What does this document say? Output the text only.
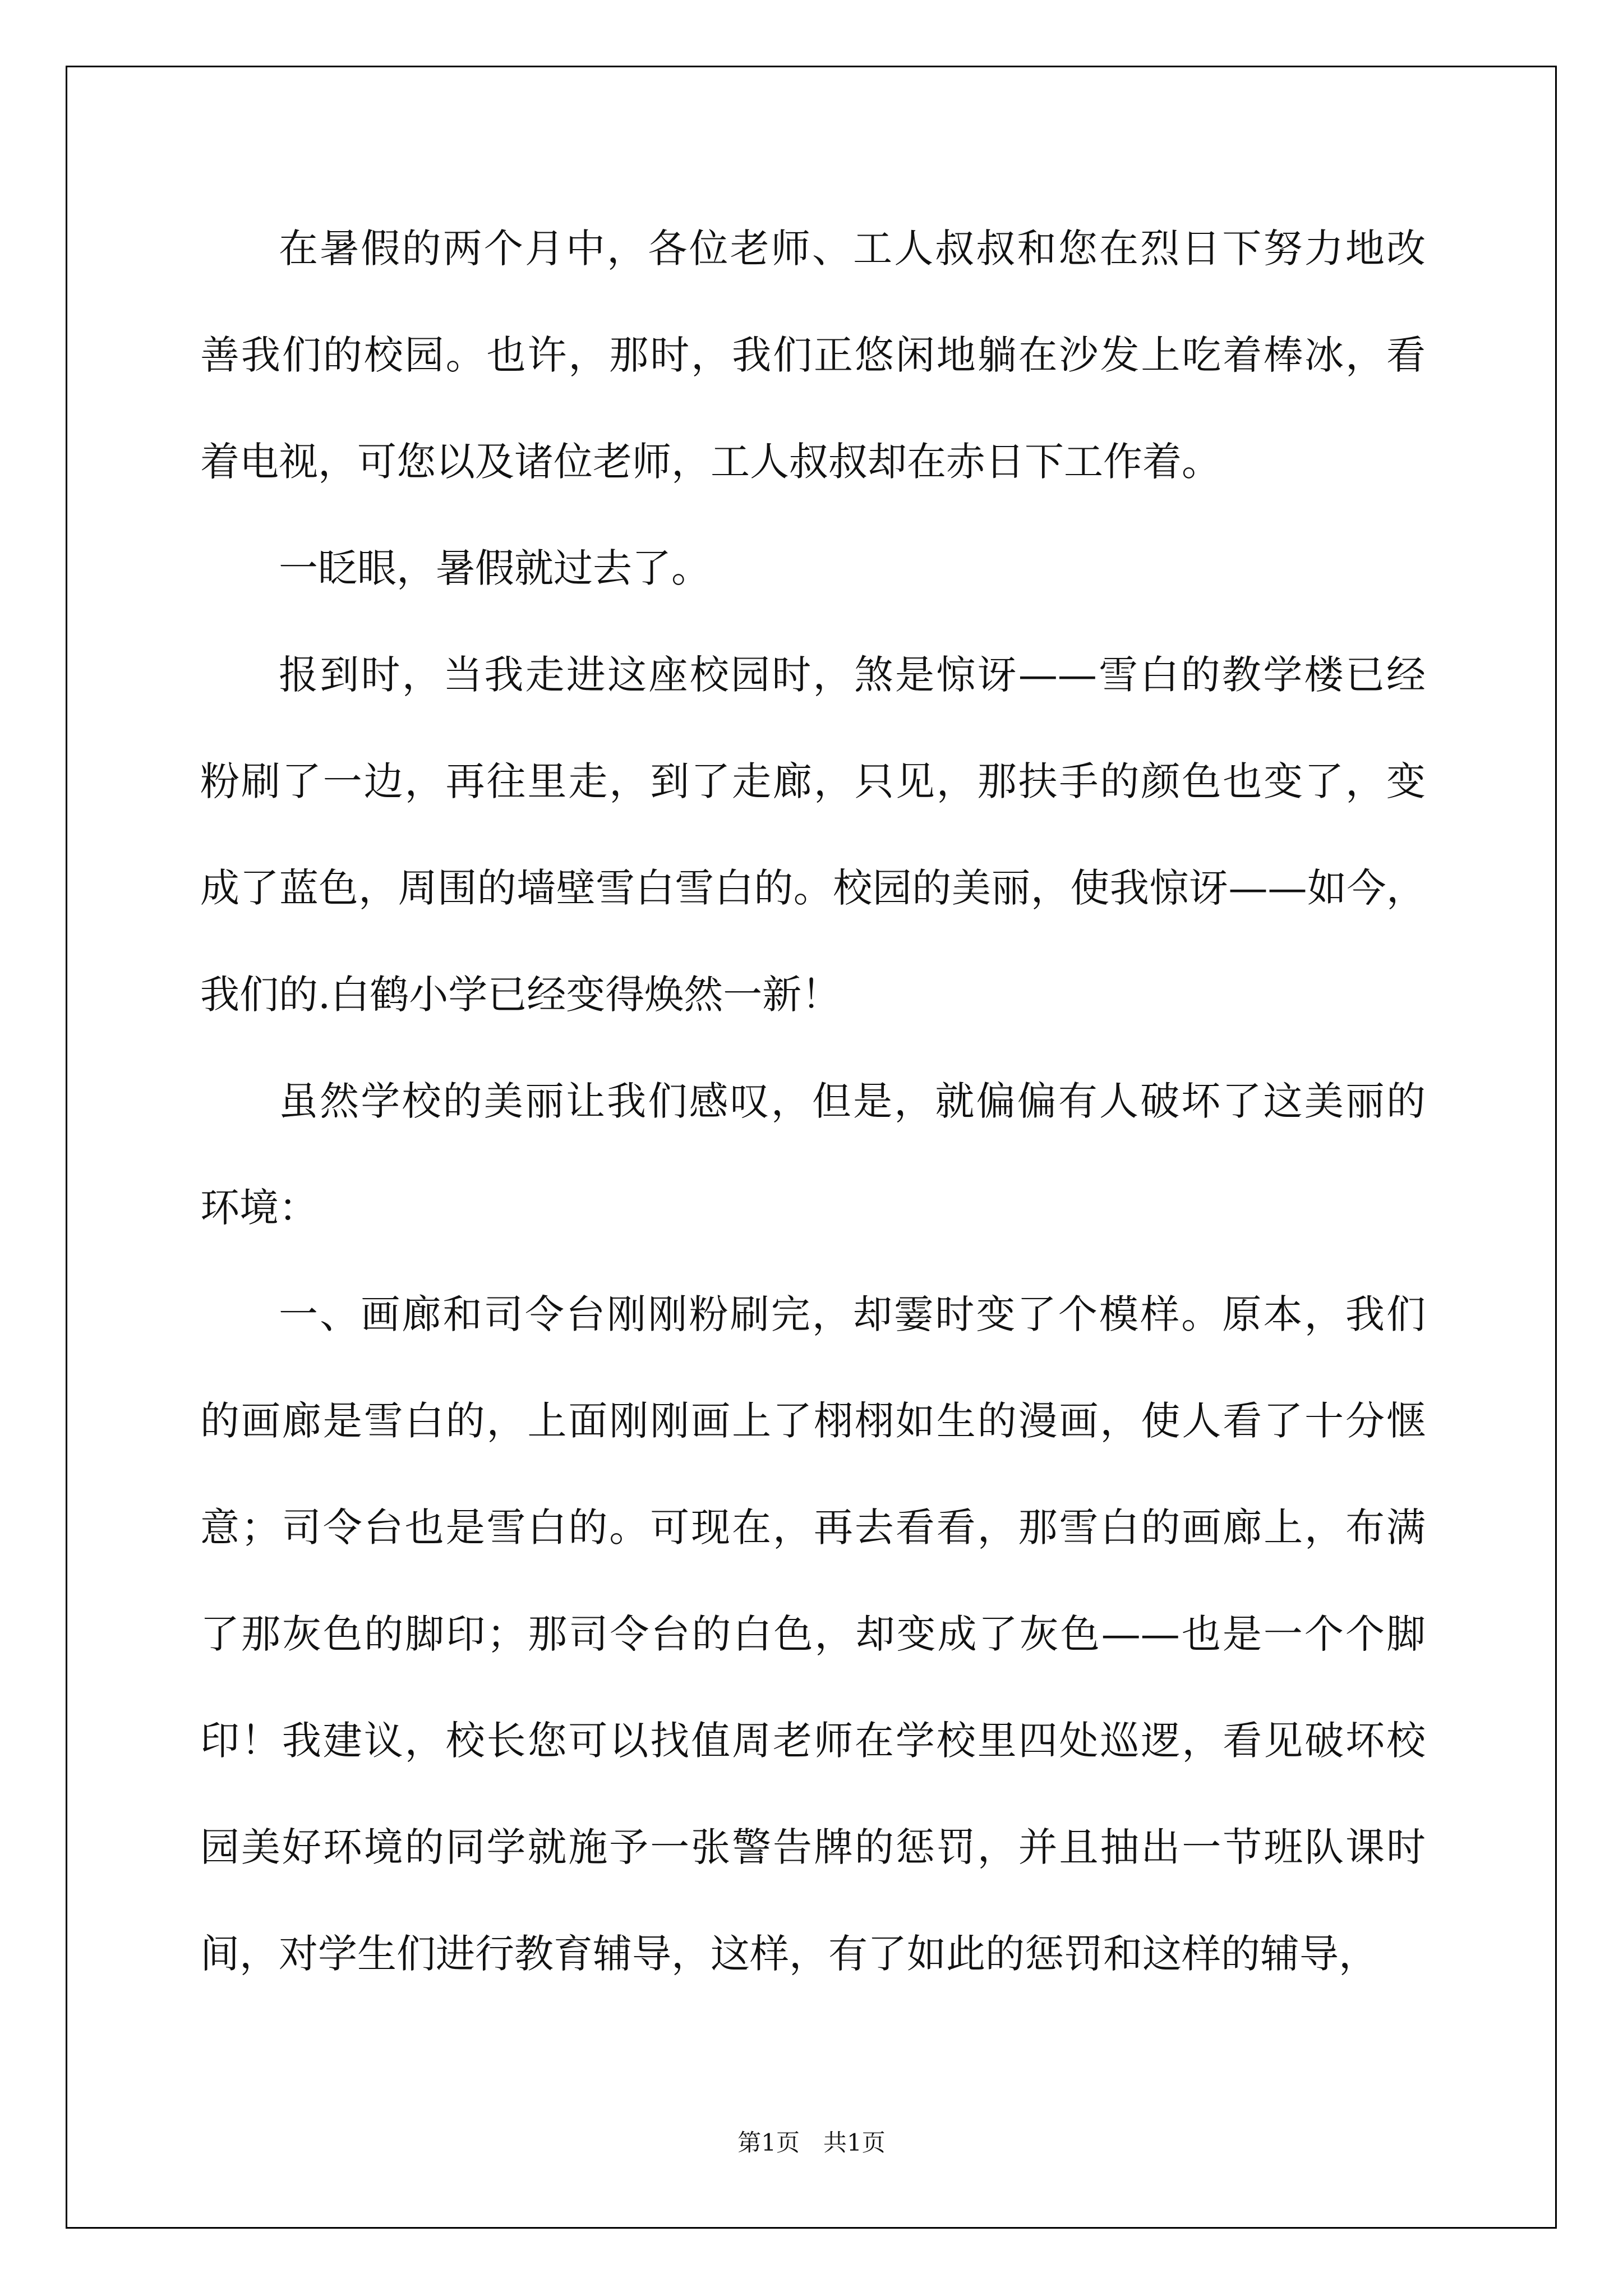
在暑假的两个月中，各位老师、工人叔叔和您在烈日下努力地改
善我们的校园。也许，那时，我们正悠闲地躺在沙发上吃着棒冰，看
着电视，可您以及诸位老师，工人叔叔却在赤日下工作着。
一眨眼，暑假就过去了。
报到时，当我走进这座校园时，煞是惊讶——雪白的教学楼已经
粉刷了一边，再往里走，到了走廊，只见，那扶手的颜色也变了，变
成了蓝色，周围的墙壁雪白雪白的。校园的美丽，使我惊讶——如今，
我们的.白鹤小学已经变得焕然一新！
虽然学校的美丽让我们感叹，但是，就偏偏有人破坏了这美丽的
环境：
一、画廊和司令台刚刚粉刷完，却霎时变了个模样。原本，我们
的画廊是雪白的，上面刚刚画上了栩栩如生的漫画，使人看了十分惬
意；司令台也是雪白的。可现在，再去看看，那雪白的画廊上，布满
了那灰色的脚印；那司令台的白色，却变成了灰色——也是一个个脚
印！我建议，校长您可以找值周老师在学校里四处巡逻，看见破坏校
园美好环境的同学就施予一张警告牌的惩罚，并且抽出一节班队课时
间，对学生们进行教育辅导，这样，有了如此的惩罚和这样的辅导，
第1页　共1页
